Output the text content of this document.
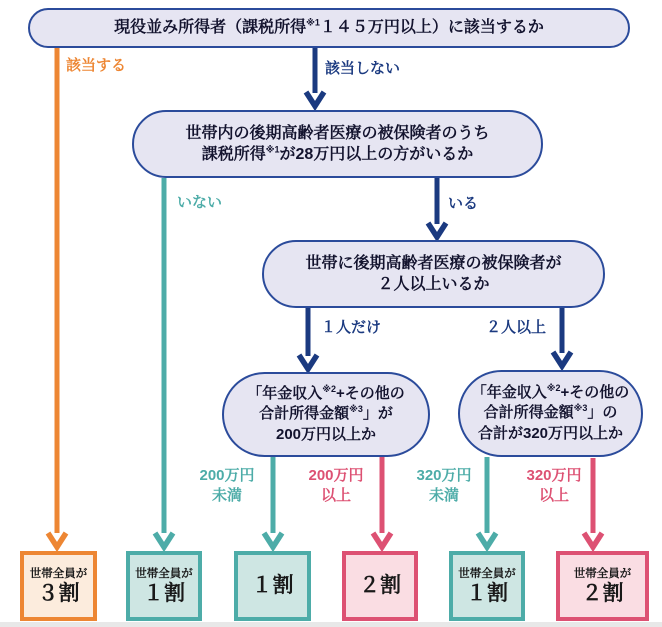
現役並み所得者（課税所得$^{※1}$１４５万円以上）に該当するか
世帯内の後期高齢者医療の被保険者のうち
課税所得$^{※1}$が28万円以上の方がいるか
世帯に後期高齢者医療の被保険者が
２人以上いるか
「年金収入$^{※2}$+その他の
合計所得金額$^{※3}$」が
200万円以上か
「年金収入$^{※2}$+その他の
合計所得金額$^{※3}$」の
合計が320万円以上か
該当する	該当しない
いない	いる
１人だけ	２人以上
200万円
未満
200万円
以上
320万円
未満
320万円
以上
世帯全員が
３割
世帯全員が
１割	１割	２割
世帯全員が
１割
世帯全員が
２割
